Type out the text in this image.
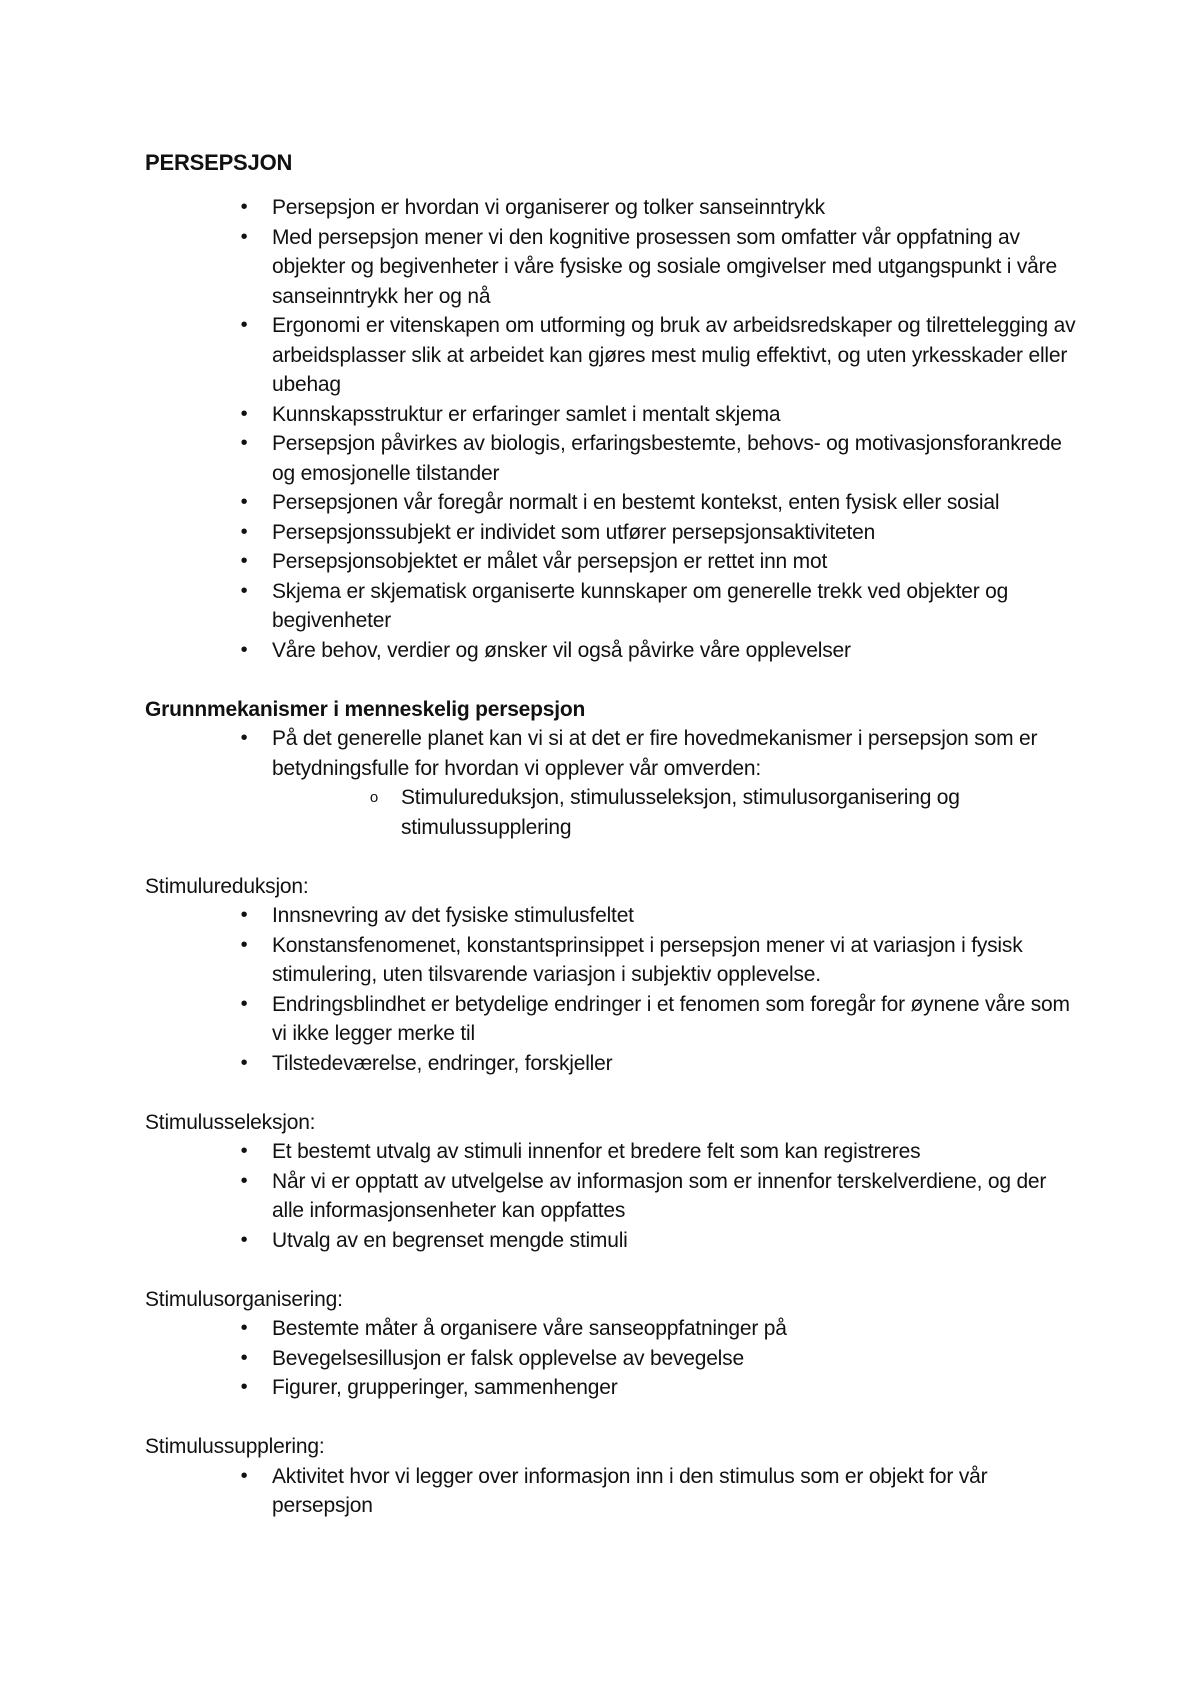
PERSEPSJON
•	Persepsjon er hvordan vi organiserer og tolker sanseinntrykk
•	Med persepsjon mener vi den kognitive prosessen som omfatter vår oppfatning av objekter og begivenheter i våre fysiske og sosiale omgivelser med utgangspunkt i våre sanseinntrykk her og nå
•	Ergonomi er vitenskapen om utforming og bruk av arbeidsredskaper og tilrettelegging av arbeidsplasser slik at arbeidet kan gjøres mest mulig effektivt, og uten yrkesskader eller ubehag
•	Kunnskapsstruktur er erfaringer samlet i mentalt skjema
•	Persepsjon påvirkes av biologis, erfaringsbestemte, behovs- og motivasjonsforankrede og emosjonelle tilstander
•	Persepsjonen vår foregår normalt i en bestemt kontekst, enten fysisk eller sosial
•	Persepsjonssubjekt er individet som utfører persepsjonsaktiviteten
•	Persepsjonsobjektet er målet vår persepsjon er rettet inn mot
•	Skjema er skjematisk organiserte kunnskaper om generelle trekk ved objekter og begivenheter
•	Våre behov, verdier og ønsker vil også påvirke våre opplevelser
Grunnmekanismer i menneskelig persepsjon
•	På det generelle planet kan vi si at det er fire hovedmekanismer i persepsjon som er betydningsfulle for hvordan vi opplever vår omverden:
o Stimulureduksjon, stimulusseleksjon, stimulusorganisering og stimulussupplering
Stimulureduksjon:
•	Innsnevring av det fysiske stimulusfeltet
•	Konstansfenomenet, konstantsprinsippet i persepsjon mener vi at variasjon i fysisk stimulering, uten tilsvarende variasjon i subjektiv opplevelse.
•	Endringsblindhet er betydelige endringer i et fenomen som foregår for øynene våre som vi ikke legger merke til
•	Tilstedeværelse, endringer, forskjeller
Stimulusseleksjon:
•	Et bestemt utvalg av stimuli innenfor et bredere felt som kan registreres
•	Når vi er opptatt av utvelgelse av informasjon som er innenfor terskelverdiene, og der alle informasjonsenheter kan oppfattes
•	Utvalg av en begrenset mengde stimuli
Stimulusorganisering:
•	Bestemte måter å organisere våre sanseoppfatninger på
•	Bevegelsesillusjon er falsk opplevelse av bevegelse
•	Figurer, grupperinger, sammenhenger
Stimulussupplering:
•	Aktivitet hvor vi legger over informasjon inn i den stimulus som er objekt for vår persepsjon
